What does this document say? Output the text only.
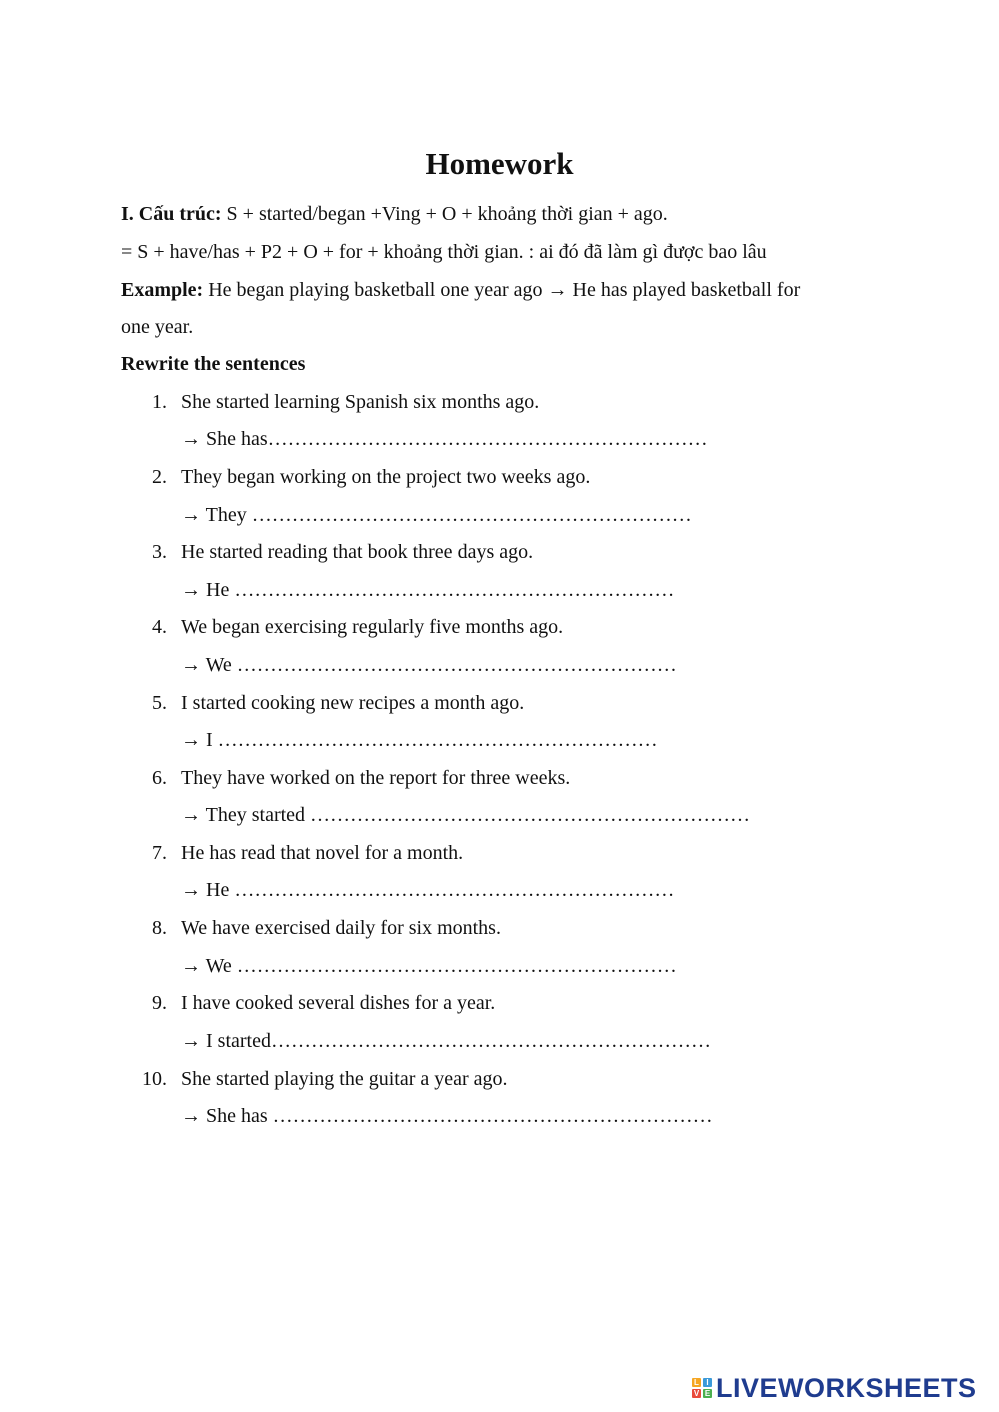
Homework
I. Cấu trúc: S + started/began +Ving + O + khoảng thời gian + ago.
= S + have/has + P2 + O + for + khoảng thời gian. : ai đó đã làm gì được bao lâu
Example: He began playing basketball one year ago → He has played basketball for
one year.
Rewrite the sentences
1. She started learning Spanish six months ago.
→ She has…………………………………………………………
2. They began working on the project two weeks ago.
→ They …………………………………………………………
3. He started reading that book three days ago.
→ He …………………………………………………………
4. We began exercising regularly five months ago.
→ We …………………………………………………………
5. I started cooking new recipes a month ago.
→ I …………………………………………………………
6. They have worked on the report for three weeks.
→ They started …………………………………………………………
7. He has read that novel for a month.
→ He …………………………………………………………
8. We have exercised daily for six months.
→ We …………………………………………………………
9. I have cooked several dishes for a year.
→ I started…………………………………………………………
10. She started playing the guitar a year ago.
→ She has …………………………………………………………
L I
V E LIVEWORKSHEETS
